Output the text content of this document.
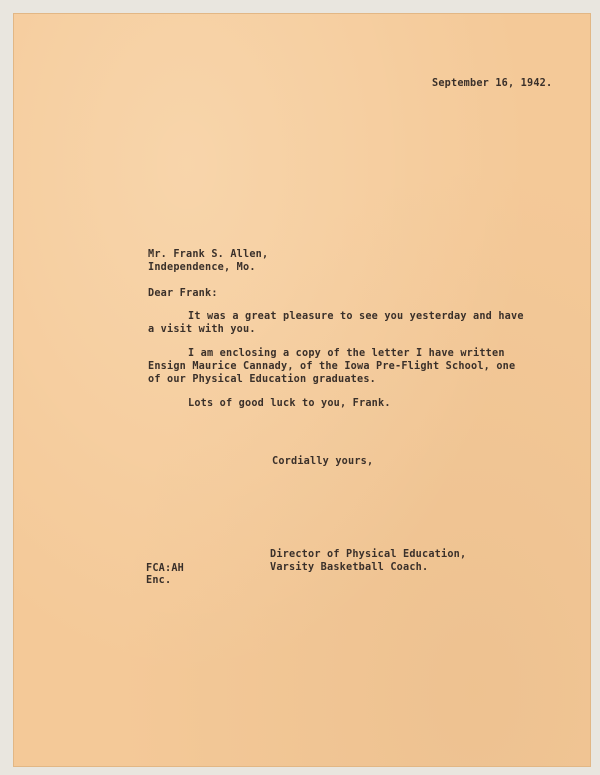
September 16, 1942.
Mr. Frank S. Allen,
Independence, Mo.
Dear Frank:
It was a great pleasure to see you yesterday and have
a visit with you.
I am enclosing a copy of the letter I have written
Ensign Maurice Cannady, of the Iowa Pre-Flight School, one
of our Physical Education graduates.
Lots of good luck to you, Frank.
Cordially yours,
Director of Physical Education,
Varsity Basketball Coach.
FCA:AH
Enc.
